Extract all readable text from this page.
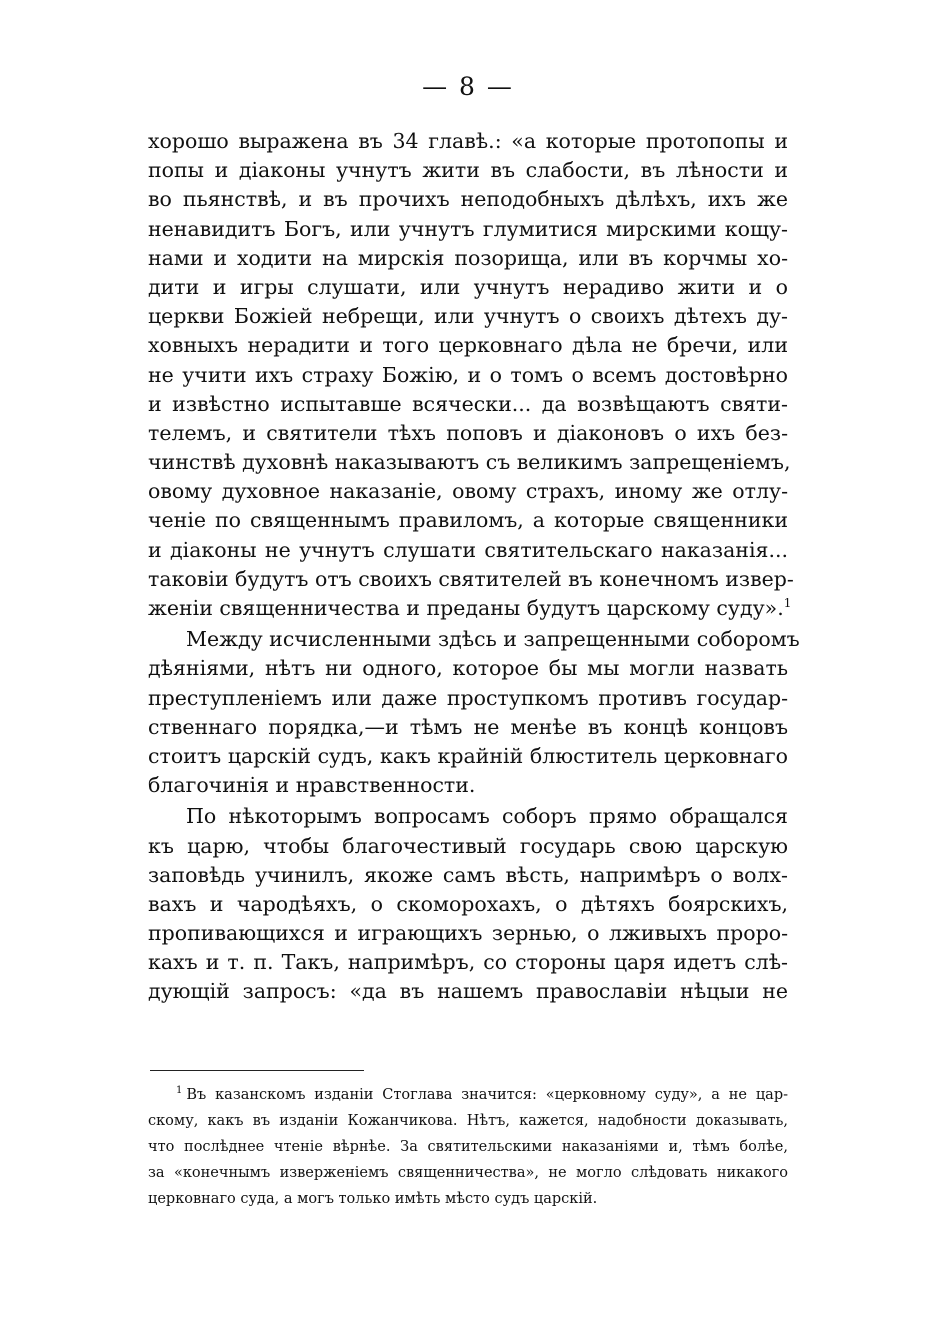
— 8 —
хорошо выражена въ 34 главѣ.: «а которые протопопы и
попы и діаконы учнутъ жити въ слабости, въ лѣности и
во пьянствѣ, и въ прочихъ неподобныхъ дѣлѣхъ, ихъ же
ненавидитъ Богъ, или учнутъ глумитися мирскими кощу-
нами и ходити на мирскія позорища, или въ корчмы хо-
дити и игры слушати, или учнутъ нерадиво жити и о
церкви Божіей небрещи, или учнутъ о своихъ дѣтехъ ду-
ховныхъ нерадити и того церковнаго дѣла не бречи, или
не учити ихъ страху Божію, и о томъ о всемъ достовѣрно
и извѣстно испытавше всячески... да возвѣщаютъ святи-
телемъ, и святители тѣхъ поповъ и діаконовъ о ихъ без-
чинствѣ духовнѣ наказываютъ съ великимъ запрещеніемъ,
овому духовное наказаніе, овому страхъ, иному же отлу-
ченіе по священнымъ правиломъ, а которые священники
и діаконы не учнутъ слушати святительскаго наказанія...
таковіи будутъ отъ своихъ святителей въ конечномъ извер-
женіи священничества и преданы будутъ царскому суду».$^1$
Между исчисленными здѣсь и запрещенными соборомъ
дѣяніями, нѣтъ ни одного, которое бы мы могли назвать
преступленіемъ или даже проступкомъ противъ государ-
ственнаго порядка,—и тѣмъ не менѣе въ концѣ концовъ
стоитъ царскій судъ, какъ крайній блюститель церковнаго
благочинія и нравственности.
По нѣкоторымъ вопросамъ соборъ прямо обращался
къ царю, чтобы благочестивый государь свою царскую
заповѣдь учинилъ, якоже самъ вѣсть, напримѣръ о волх-
вахъ и чародѣяхъ, о скоморохахъ, о дѣтяхъ боярскихъ,
пропивающихся и играющихъ зернью, о лживыхъ проро-
кахъ и т. п. Такъ, напримѣръ, со стороны царя идетъ слѣ-
дующій запросъ: «да въ нашемъ православіи нѣцыи не
$^1$ Въ казанскомъ изданіи Стоглава значится: «церковному суду», а не цар-
скому, какъ въ изданіи Кожанчикова. Нѣтъ, кажется, надобности доказывать,
что послѣднее чтеніе вѣрнѣе. За святительскими наказаніями и, тѣмъ болѣе,
за «конечнымъ изверженіемъ священничества», не могло слѣдовать никакого
церковнаго суда, а могъ только имѣть мѣсто судъ царскій.
